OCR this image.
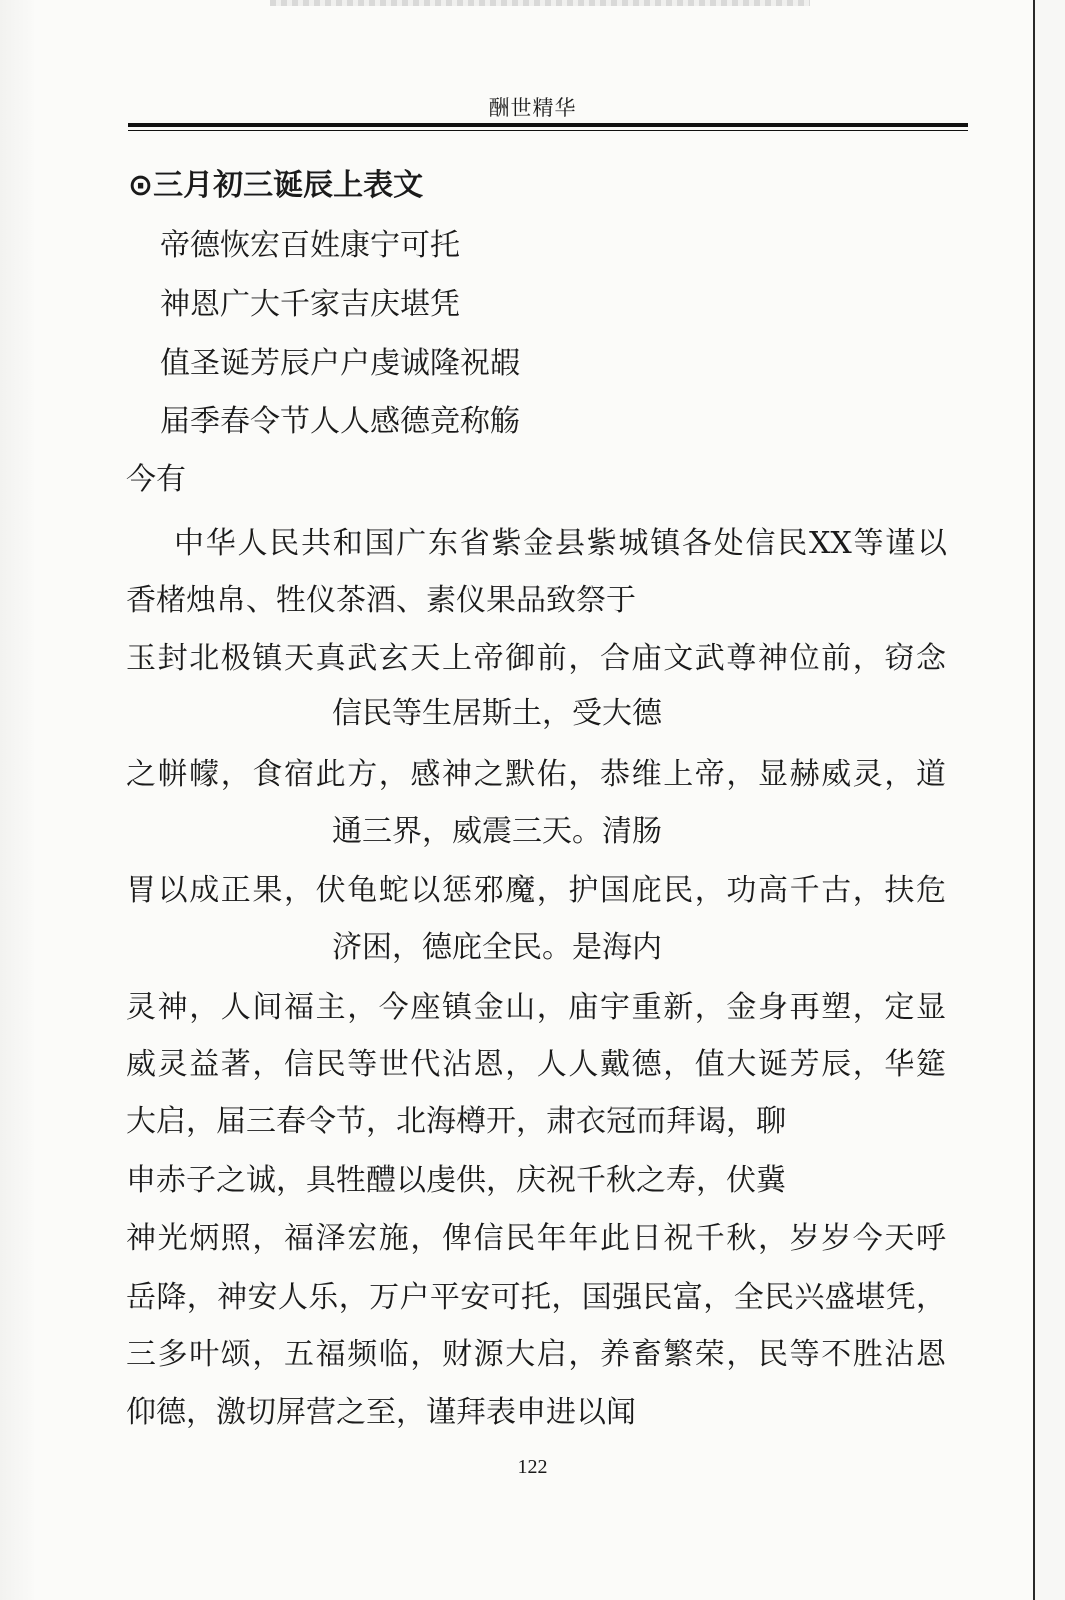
酬世精华
⊙三月初三诞辰上表文
帝德恢宏百姓康宁可托
神恩广大千家吉庆堪凭
值圣诞芳辰户户虔诚隆祝嘏
届季春令节人人感德竞称觞
今有
中华人民共和国广东省紫金县紫城镇各处信民XX等谨以
香楮烛帛、牲仪茶酒、素仪果品致祭于
玉封北极镇天真武玄天上帝御前，合庙文武尊神位前，窃念
信民等生居斯土，受大德
之帡幪，食宿此方，感神之默佑，恭维上帝，显赫威灵，道
通三界，威震三天。清肠
胃以成正果，伏龟蛇以惩邪魔，护国庇民，功高千古，扶危
济困，德庇全民。是海内
灵神，人间福主，今座镇金山，庙宇重新，金身再塑，定显
威灵益著，信民等世代沾恩，人人戴德，值大诞芳辰，华筵
大启，届三春令节，北海樽开，肃衣冠而拜谒，聊
申赤子之诚，具牲醴以虔供，庆祝千秋之寿，伏冀
神光炳照，福泽宏施，俾信民年年此日祝千秋，岁岁今天呼
岳降，神安人乐，万户平安可托，国强民富，全民兴盛堪凭，
三多叶颂，五福频临，财源大启，养畜繁荣，民等不胜沾恩
仰德，激切屏营之至，谨拜表申进以闻
122
